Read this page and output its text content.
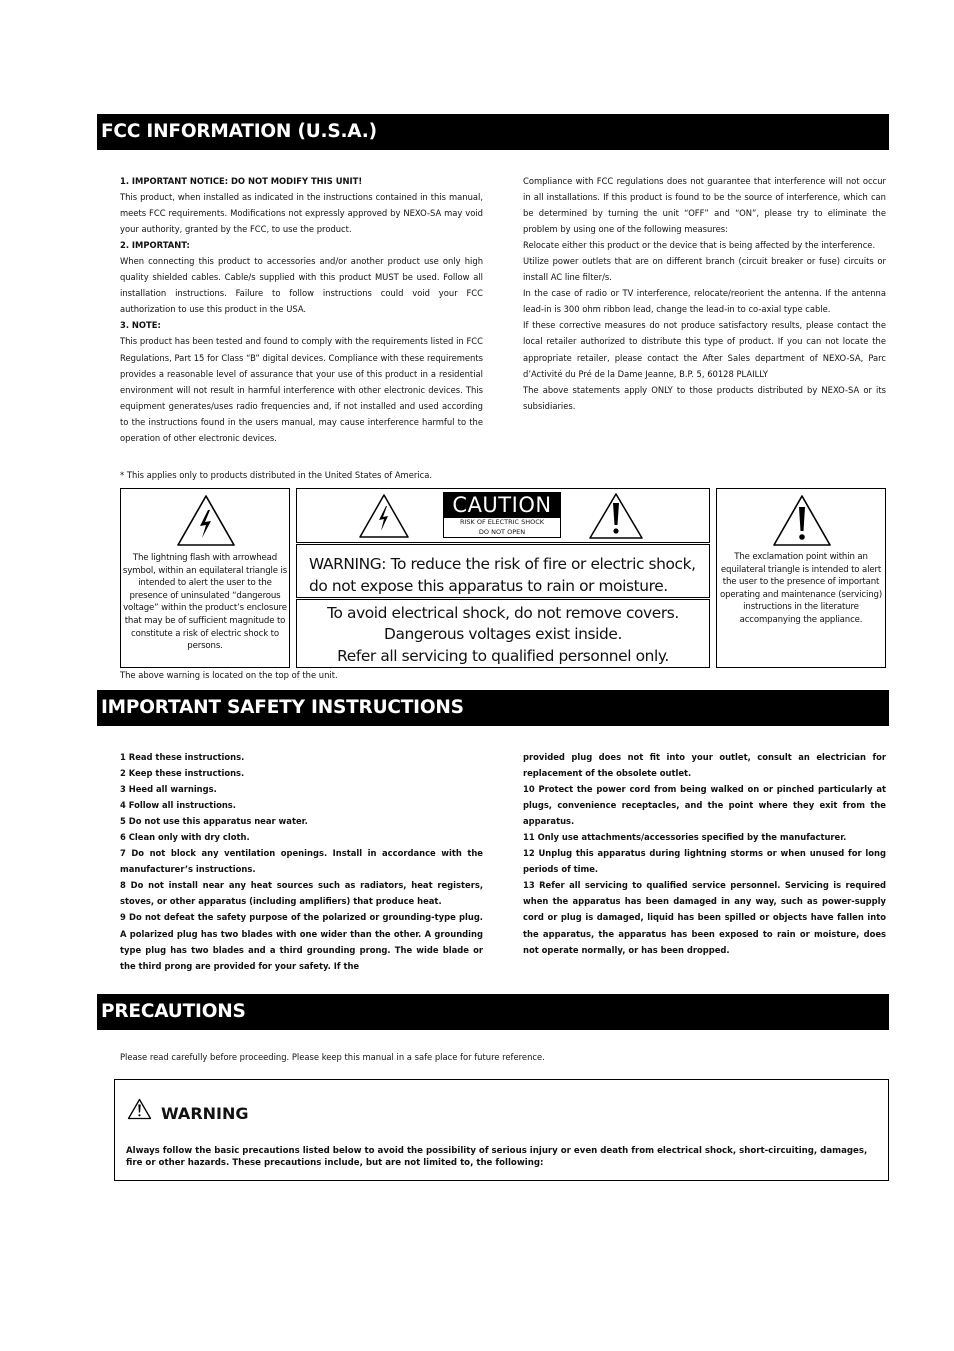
FCC INFORMATION (U.S.A.)

1. IMPORTANT NOTICE: DO NOT MODIFY THIS UNIT!

This product, when installed as indicated in the instructions contained in this manual, meets FCC requirements. Modifications not expressly approved by NEXO-SA may void your authority, granted by the FCC, to use the product.

2. IMPORTANT:

When connecting this product to accessories and/or another product use only high quality shielded cables. Cable/s supplied with this product MUST be used. Follow all installation instructions. Failure to follow instructions could void your FCC authorization to use this product in the USA.

3. NOTE:

This product has been tested and found to comply with the requirements listed in FCC Regulations, Part 15 for Class “B” digital devices. Compliance with these requirements provides a reasonable level of assurance that your use of this product in a residential environment will not result in harmful interference with other electronic devices. This equipment generates/uses radio frequencies and, if not installed and used according to the instructions found in the users manual, may cause interference harmful to the operation of other electronic devices.

Compliance with FCC regulations does not guarantee that interference will not occur in all installations. If this product is found to be the source of interference, which can be determined by turning the unit “OFF” and “ON”, please try to eliminate the problem by using one of the following measures:

Relocate either this product or the device that is being affected by the interference.

Utilize power outlets that are on different branch (circuit breaker or fuse) circuits or install AC line filter/s.

In the case of radio or TV interference, relocate/reorient the antenna. If the antenna lead-in is 300 ohm ribbon lead, change the lead-in to co-axial type cable.

If these corrective measures do not produce satisfactory results, please contact the local retailer authorized to distribute this type of product. If you can not locate the appropriate retailer, please contact the After Sales department of NEXO-SA, Parc d’Activité du Pré de la Dame Jeanne, B.P. 5, 60128 PLAILLY

The above statements apply ONLY to those products distributed by NEXO-SA or its subsidiaries.

* This applies only to products distributed in the United States of America.
The lightning flash with arrowhead symbol, within an equilateral triangle is intended to alert the user to the presence of uninsulated “dangerous voltage” within the product’s enclosure that may be of sufficient magnitude to constitute a risk of electric shock to persons.
CAUTION
RISK OF ELECTRIC SHOCK
DO NOT OPEN
WARNING: To reduce the risk of fire or electric shock,
do not expose this apparatus to rain or moisture.
To avoid electrical shock, do not remove covers.
Dangerous voltages exist inside.
Refer all servicing to qualified personnel only.
The exclamation point within an equilateral triangle is intended to alert the user to the presence of important operating and maintenance (servicing) instructions in the literature accompanying the appliance.
The above warning is located on the top of the unit.
IMPORTANT SAFETY INSTRUCTIONS

1 Read these instructions.

2 Keep these instructions.

3 Heed all warnings.

4 Follow all instructions.

5 Do not use this apparatus near water.

6 Clean only with dry cloth.

7 Do not block any ventilation openings. Install in accordance with the manufacturer’s instructions.

8 Do not install near any heat sources such as radiators, heat registers, stoves, or other apparatus (including amplifiers) that produce heat.

9 Do not defeat the safety purpose of the polarized or grounding-type plug. A polarized plug has two blades with one wider than the other. A grounding type plug has two blades and a third grounding prong. The wide blade or the third prong are provided for your safety. If the

provided plug does not fit into your outlet, consult an electrician for replacement of the obsolete outlet.

10 Protect the power cord from being walked on or pinched particularly at plugs, convenience receptacles, and the point where they exit from the apparatus.

11 Only use attachments/accessories specified by the manufacturer.

12 Unplug this apparatus during lightning storms or when unused for long periods of time.

13 Refer all servicing to qualified service personnel. Servicing is required when the apparatus has been damaged in any way, such as power-supply cord or plug is damaged, liquid has been spilled or objects have fallen into the apparatus, the apparatus has been exposed to rain or moisture, does not operate normally, or has been dropped.

PRECAUTIONS
Please read carefully before proceeding. Please keep this manual in a safe place for future reference.
WARNING
Always follow the basic precautions listed below to avoid the possibility of serious injury or even death from electrical shock, short-circuiting, damages, fire or other hazards. These precautions include, but are not limited to, the following:
